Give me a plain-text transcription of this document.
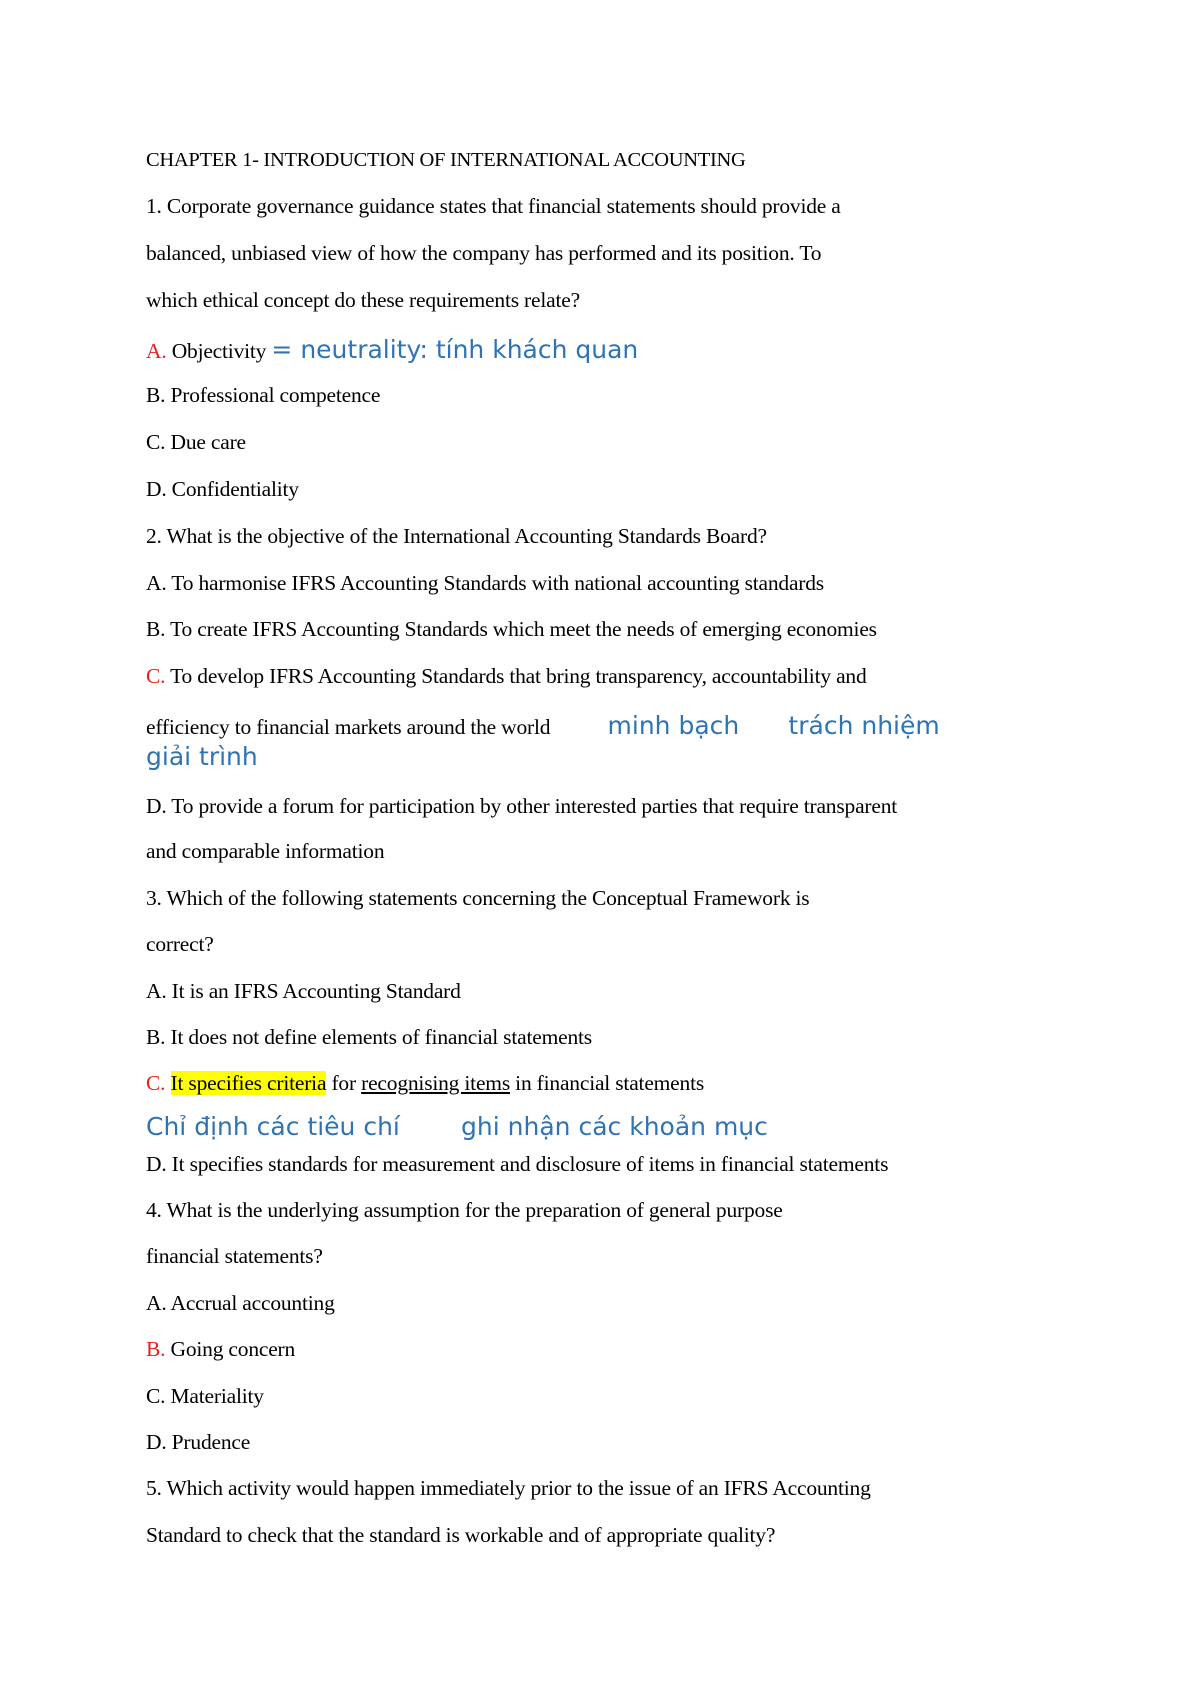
CHAPTER 1- INTRODUCTION OF INTERNATIONAL ACCOUNTING
1. Corporate governance guidance states that financial statements should provide a
balanced, unbiased view of how the company has performed and its position. To
which ethical concept do these requirements relate?
A. Objectivity = neutrality: tính khách quan
B. Professional competence
C. Due care
D. Confidentiality
2. What is the objective of the International Accounting Standards Board?
A. To harmonise IFRS Accounting Standards with national accounting standards
B. To create IFRS Accounting Standards which meet the needs of emerging economies
C. To develop IFRS Accounting Standards that bring transparency, accountability and
efficiency to financial markets around the world minh bạch trách nhiệm
giải trình
D. To provide a forum for participation by other interested parties that require transparent
and comparable information
3. Which of the following statements concerning the Conceptual Framework is
correct?
A. It is an IFRS Accounting Standard
B. It does not define elements of financial statements
C. It specifies criteria for recognising items in financial statements
Chỉ định các tiêu chí ghi nhận các khoản mục
D. It specifies standards for measurement and disclosure of items in financial statements
4. What is the underlying assumption for the preparation of general purpose
financial statements?
A. Accrual accounting
B. Going concern
C. Materiality
D. Prudence
5. Which activity would happen immediately prior to the issue of an IFRS Accounting
Standard to check that the standard is workable and of appropriate quality?
